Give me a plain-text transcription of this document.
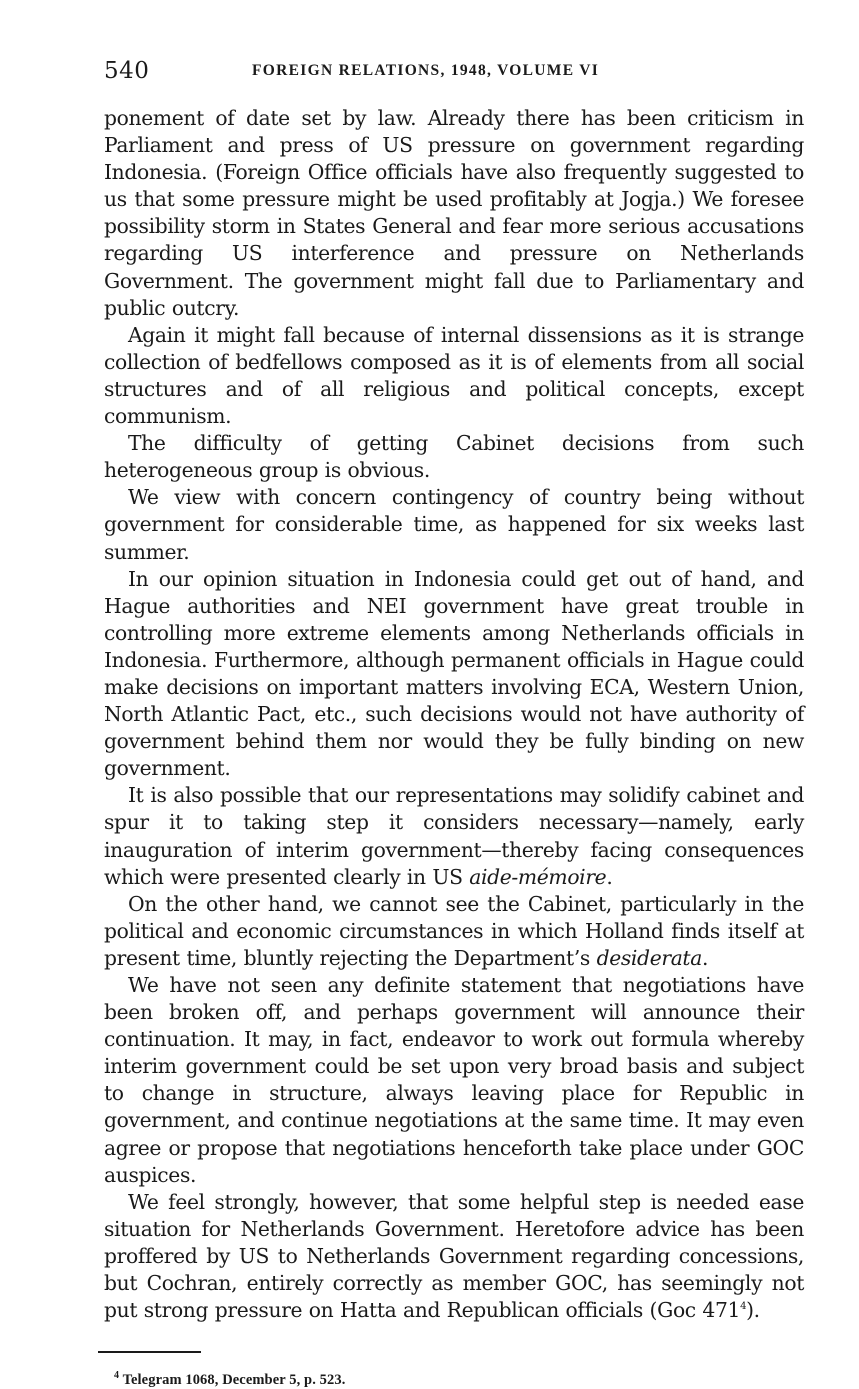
540	FOREIGN RELATIONS, 1948, VOLUME VI

ponement of date set by law. Already there has been criticism in Parliament and press of US pressure on government regarding Indonesia. (Foreign Office officials have also frequently suggested to us that some pressure might be used profitably at Jogja.) We foresee possibility storm in States General and fear more serious accusations regarding US interference and pressure on Netherlands Government. The government might fall due to Parliamentary and public outcry.

Again it might fall because of internal dissensions as it is strange collection of bedfellows composed as it is of elements from all social structures and of all religious and political concepts, except communism.

The difficulty of getting Cabinet decisions from such heterogeneous group is obvious.

We view with concern contingency of country being without government for considerable time, as happened for six weeks last summer.

In our opinion situation in Indonesia could get out of hand, and Hague authorities and NEI government have great trouble in controlling more extreme elements among Netherlands officials in Indonesia. Furthermore, although permanent officials in Hague could make decisions on important matters involving ECA, Western Union, North Atlantic Pact, etc., such decisions would not have authority of government behind them nor would they be fully binding on new government.

It is also possible that our representations may solidify cabinet and spur it to taking step it considers necessary—namely, early inauguration of interim government—thereby facing consequences which were presented clearly in US aide-mémoire.

On the other hand, we cannot see the Cabinet, particularly in the political and economic circumstances in which Holland finds itself at present time, bluntly rejecting the Department’s desiderata.

We have not seen any definite statement that negotiations have been broken off, and perhaps government will announce their continuation. It may, in fact, endeavor to work out formula whereby interim government could be set upon very broad basis and subject to change in structure, always leaving place for Republic in government, and continue negotiations at the same time. It may even agree or propose that negotiations henceforth take place under GOC auspices.

We feel strongly, however, that some helpful step is needed ease situation for Netherlands Government. Heretofore advice has been proffered by US to Netherlands Government regarding concessions, but Cochran, entirely correctly as member GOC, has seemingly not put strong pressure on Hatta and Republican officials (Goc $471^4$).

$^4$ Telegram 1068, December 5, p. 523.
